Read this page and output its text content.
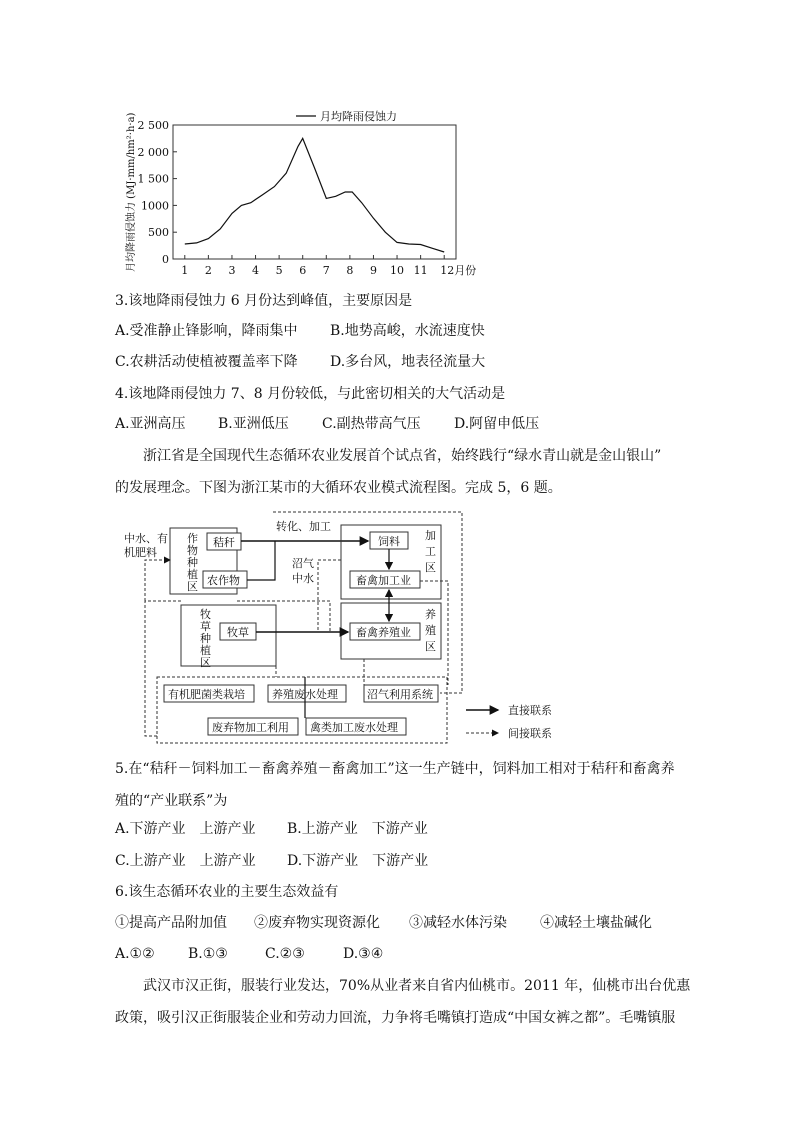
月均降雨侵蚀力
月均降雨侵蚀力 (MJ·mm/hm²·h·a) 0
500
1000
1 500
2 000
2 500
1 2 3 4 5 6 7 8 9 10 11 12月份
3.该地降雨侵蚀力 6 月份达到峰值，主要原因是
A.受准静止锋影响，降雨集中 B.地势高峻，水流速度快
C.农耕活动使植被覆盖率下降 D.多台风，地表径流量大
4.该地降雨侵蚀力 7、8 月份较低，与此密切相关的大气活动是
A.亚洲高压 B.亚洲低压 C.副热带高气压 D.阿留申低压
浙江省是全国现代生态循环农业发展首个试点省，始终践行“绿水青山就是金山银山”
的发展理念。下图为浙江某市的大循环农业模式流程图。完成 5，6 题。
中水、有
机肥料
作
物
种
植
区
秸秆
农作物
转化、加工
加
工
区
饲料
畜禽加工业
沼气
中水
养
殖
区
畜禽养殖业
牧
草
种
植
区
牧草
有机肥菌类栽培 养殖废水处理	沼气利用系统
废弃物加工利用 禽类加工废水处理
直接联系
间接联系
5.在“秸秆－饲料加工－畜禽养殖－畜禽加工”这一生产链中，饲料加工相对于秸秆和畜禽养
殖的“产业联系”为
A.下游产业　上游产业 B.上游产业　下游产业
C.上游产业　上游产业 D.下游产业　下游产业
6.该生态循环农业的主要生态效益有
①提高产品附加值 ②废弃物实现资源化 ③减轻水体污染 ④减轻土壤盐碱化
A.①② B.①③	C.②③	D.③④
武汉市汉正街，服装行业发达，70%从业者来自省内仙桃市。2011 年，仙桃市出台优惠
政策，吸引汉正街服装企业和劳动力回流，力争将毛嘴镇打造成“中国女裤之都”。毛嘴镇服
